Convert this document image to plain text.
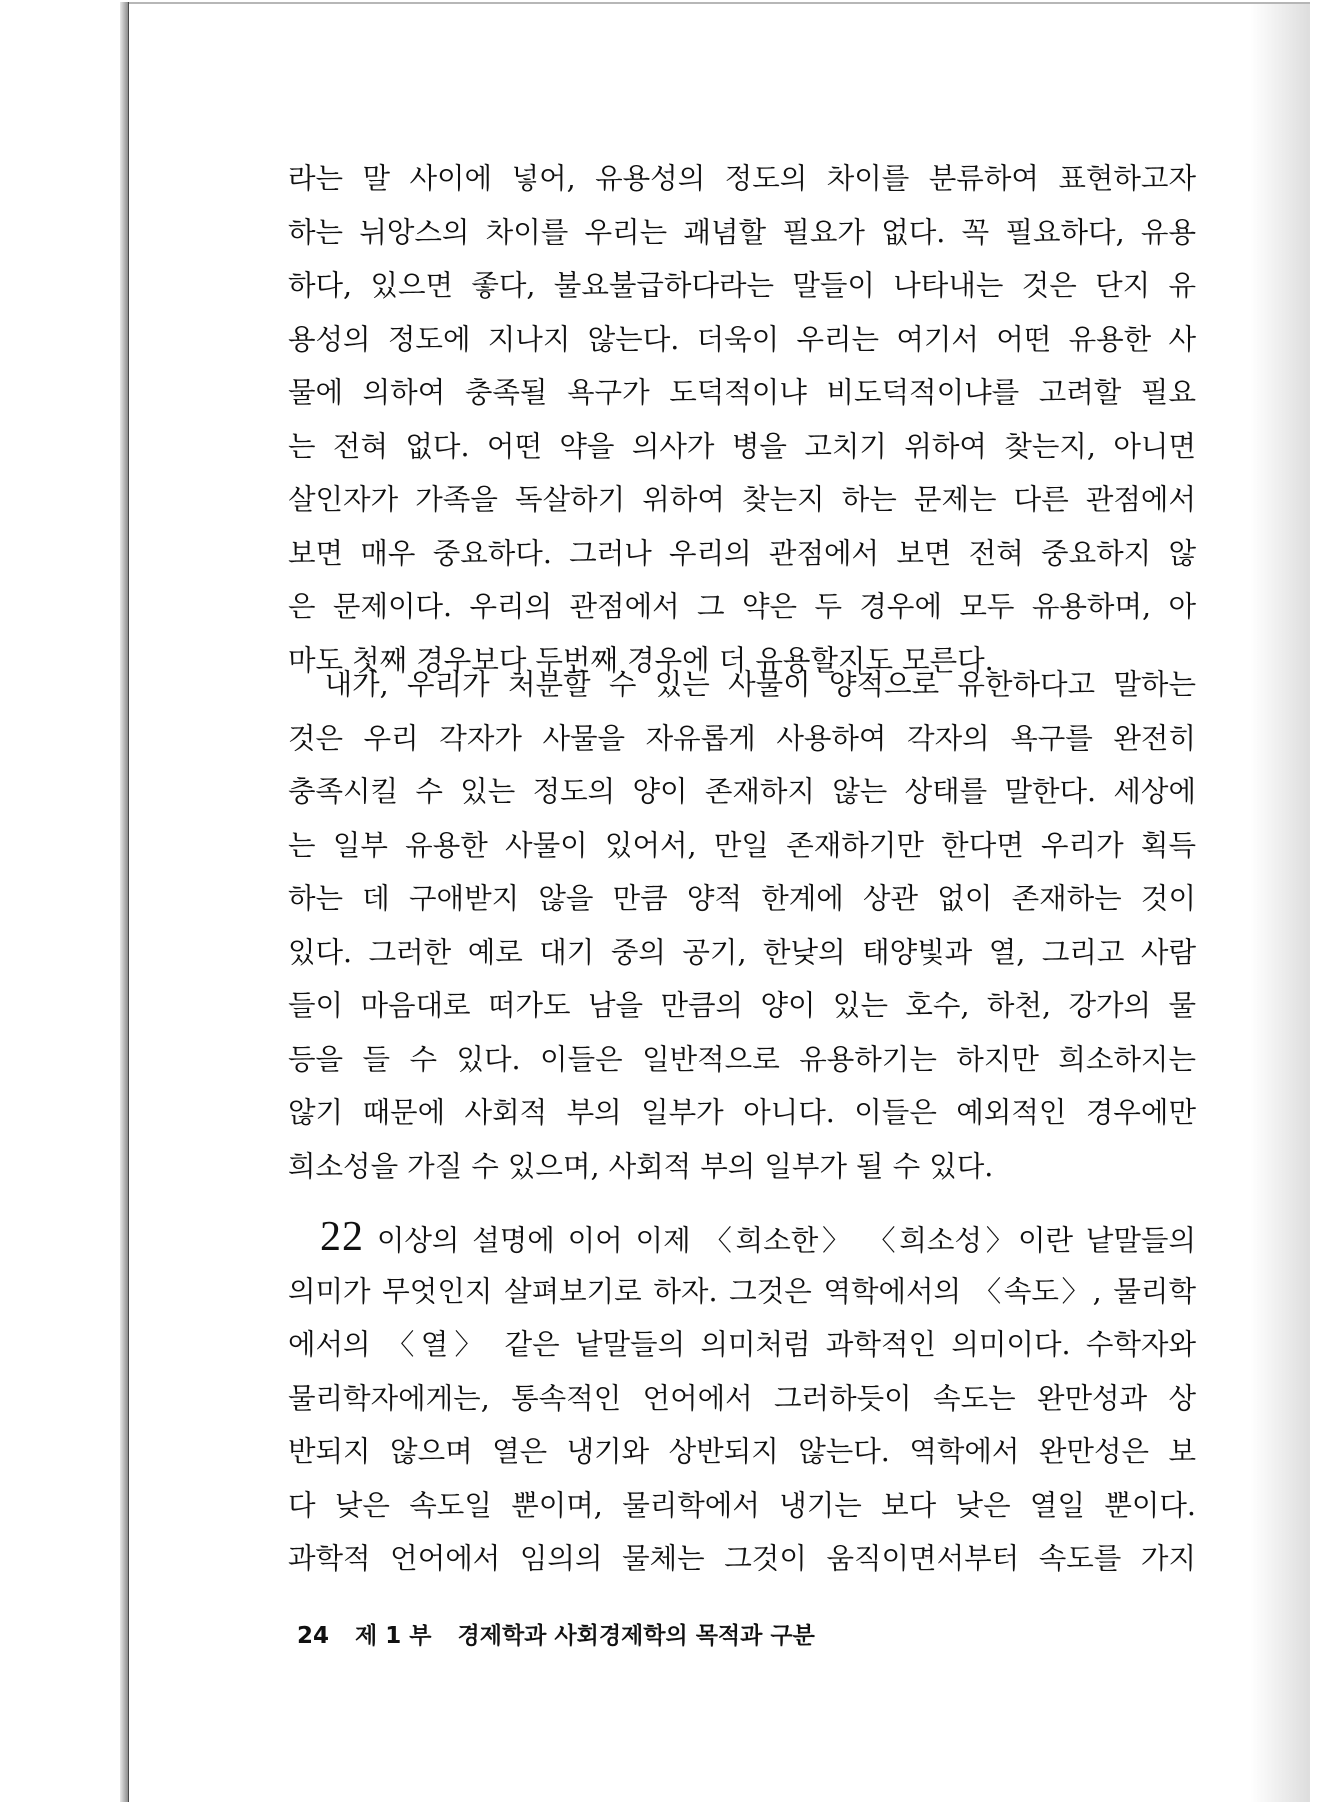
라는 말 사이에 넣어, 유용성의 정도의 차이를 분류하여 표현하고자
하는 뉘앙스의 차이를 우리는 괘념할 필요가 없다. 꼭 필요하다, 유용
하다, 있으면 좋다, 불요불급하다라는 말들이 나타내는 것은 단지 유
용성의 정도에 지나지 않는다. 더욱이 우리는 여기서 어떤 유용한 사
물에 의하여 충족될 욕구가 도덕적이냐 비도덕적이냐를 고려할 필요
는 전혀 없다. 어떤 약을 의사가 병을 고치기 위하여 찾는지, 아니면
살인자가 가족을 독살하기 위하여 찾는지 하는 문제는 다른 관점에서
보면 매우 중요하다. 그러나 우리의 관점에서 보면 전혀 중요하지 않
은 문제이다. 우리의 관점에서 그 약은 두 경우에 모두 유용하며, 아
마도 첫째 경우보다 두번째 경우에 더 유용할지도 모른다.
내가, 우리가 처분할 수 있는 사물이 양적으로 유한하다고 말하는
것은 우리 각자가 사물을 자유롭게 사용하여 각자의 욕구를 완전히
충족시킬 수 있는 정도의 양이 존재하지 않는 상태를 말한다. 세상에
는 일부 유용한 사물이 있어서, 만일 존재하기만 한다면 우리가 획득
하는 데 구애받지 않을 만큼 양적 한계에 상관 없이 존재하는 것이
있다. 그러한 예로 대기 중의 공기, 한낮의 태양빛과 열, 그리고 사람
들이 마음대로 떠가도 남을 만큼의 양이 있는 호수, 하천, 강가의 물
등을 들 수 있다. 이들은 일반적으로 유용하기는 하지만 희소하지는
않기 때문에 사회적 부의 일부가 아니다. 이들은 예외적인 경우에만
희소성을 가질 수 있으며, 사회적 부의 일부가 될 수 있다.
22 이상의 설명에 이어 이제 〈희소한〉 〈희소성〉이란 낱말들의
의미가 무엇인지 살펴보기로 하자. 그것은 역학에서의 〈속도〉, 물리학
에서의 〈열〉 같은 낱말들의 의미처럼 과학적인 의미이다. 수학자와
물리학자에게는, 통속적인 언어에서 그러하듯이 속도는 완만성과 상
반되지 않으며 열은 냉기와 상반되지 않는다. 역학에서 완만성은 보
다 낮은 속도일 뿐이며, 물리학에서 냉기는 보다 낮은 열일 뿐이다.
과학적 언어에서 임의의 물체는 그것이 움직이면서부터 속도를 가지
24 제 1 부 경제학과 사회경제학의 목적과 구분
